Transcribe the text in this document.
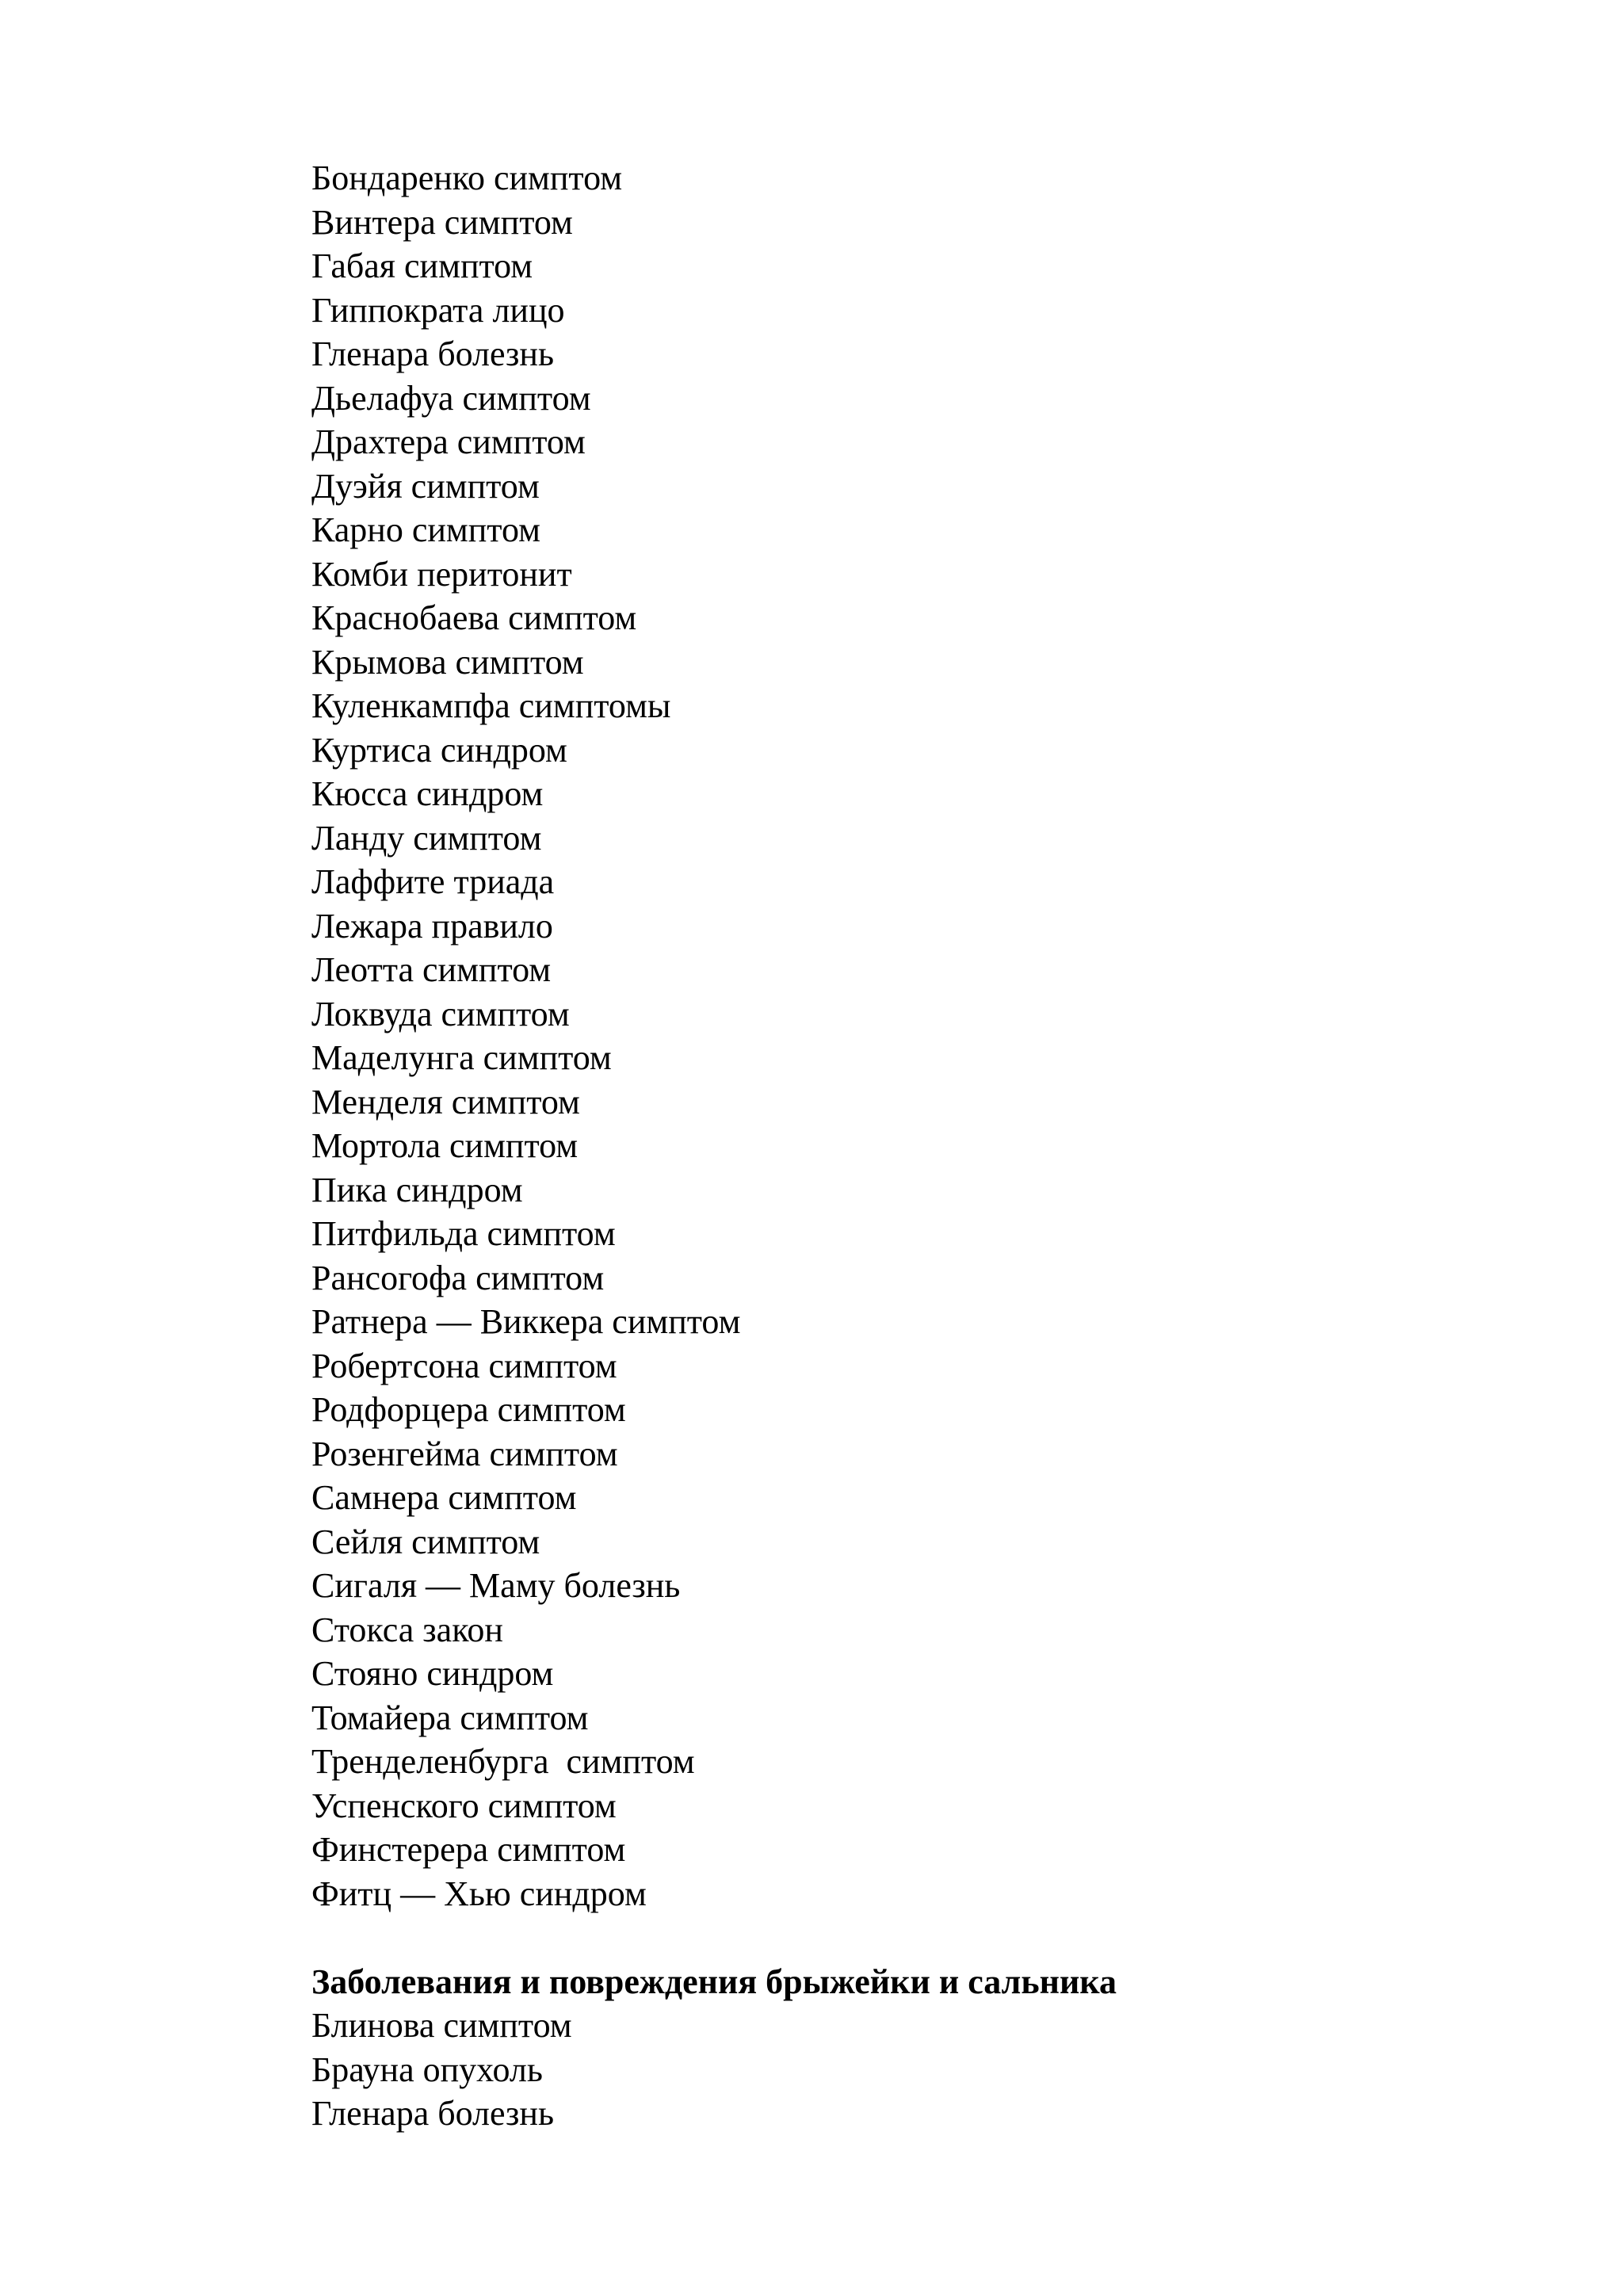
Бондаренко симптом

Винтера симптом

Габая симптом

Гиппократа лицо

Гленара болезнь

Дьелафуа симптом

Драхтера симптом

Дуэйя симптом

Карно симптом

Комби перитонит

Краснобаева симптом

Крымова симптом

Куленкампфа симптомы

Куртиса синдром

Кюсса синдром

Ланду симптом

Лаффите триада

Лежара правило

Леотта симптом

Локвуда симптом

Маделунга симптом

Менделя симптом

Мортола симптом

Пика синдром

Питфильда симптом

Рансогофа симптом

Ратнера — Виккера симптом

Робертсона симптом

Родфорцера симптом

Розенгейма симптом

Самнера симптом

Сейля симптом

Сигаля — Маму болезнь

Стокса закон

Стояно синдром

Томайера симптом

Тренделенбурга  симптом

Успенского симптом

Финстерера симптом

Фитц — Хью синдром

Заболевания и повреждения брыжейки и сальника

Блинова симптом

Брауна опухоль

Гленара болезнь
